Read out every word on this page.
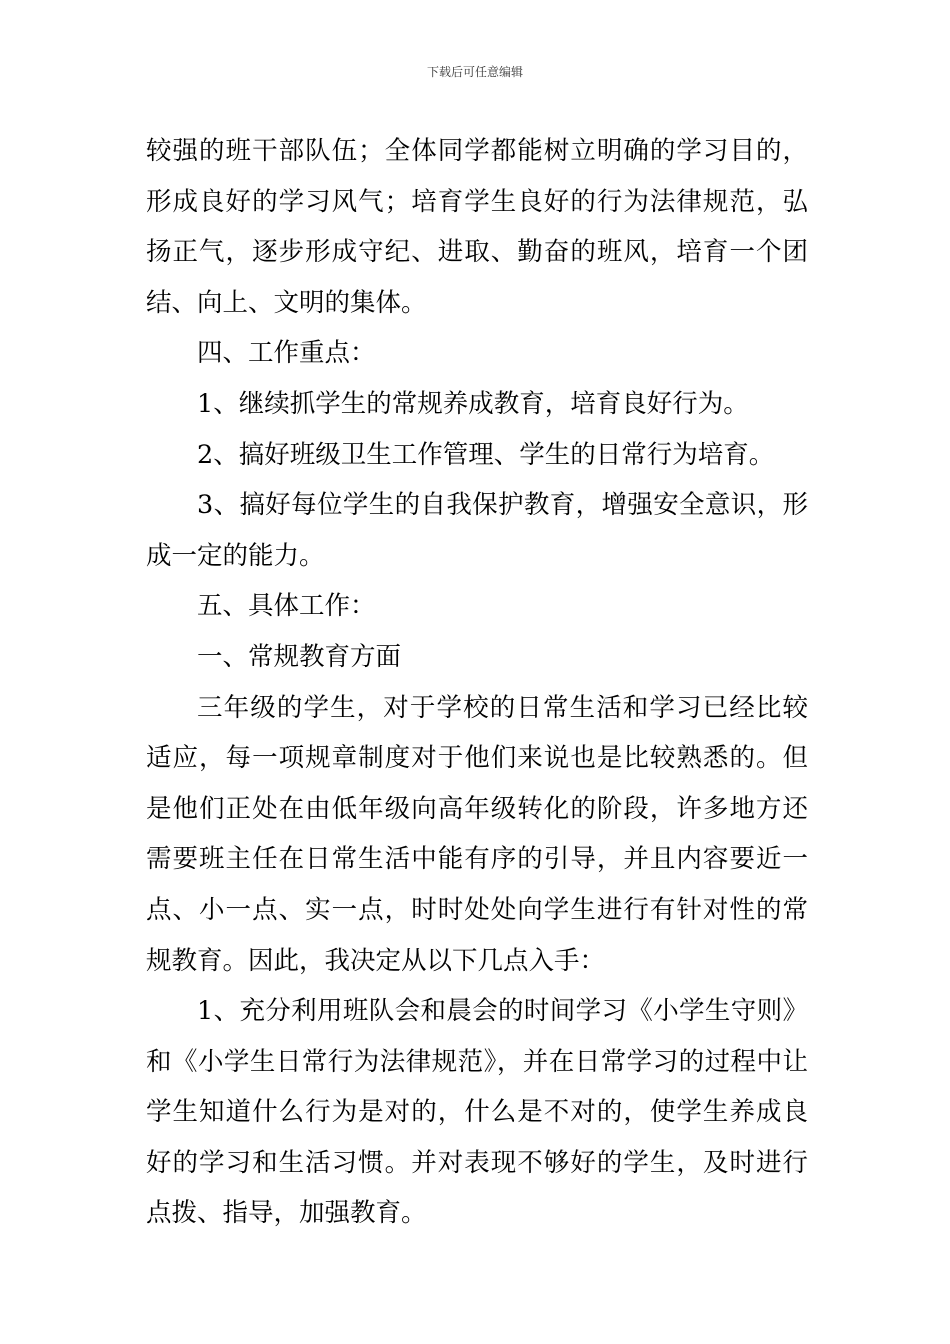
下载后可任意编辑

较强的班干部队伍；全体同学都能树立明确的学习目的，形成良好的学习风气；培育学生良好的行为法律规范，弘扬正气，逐步形成守纪、进取、勤奋的班风，培育一个团结、向上、文明的集体。

四、工作重点：

1、继续抓学生的常规养成教育，培育良好行为。

2、搞好班级卫生工作管理、学生的日常行为培育。

3、搞好每位学生的自我保护教育，增强安全意识，形成一定的能力。

五、具体工作：

一、常规教育方面

三年级的学生，对于学校的日常生活和学习已经比较适应，每一项规章制度对于他们来说也是比较熟悉的。但是他们正处在由低年级向高年级转化的阶段，许多地方还需要班主任在日常生活中能有序的引导，并且内容要近一点、小一点、实一点，时时处处向学生进行有针对性的常规教育。因此，我决定从以下几点入手：

1、充分利用班队会和晨会的时间学习《小学生守则》和《小学生日常行为法律规范》，并在日常学习的过程中让学生知道什么行为是对的，什么是不对的，使学生养成良好的学习和生活习惯。并对表现不够好的学生，及时进行点拨、指导，加强教育。
